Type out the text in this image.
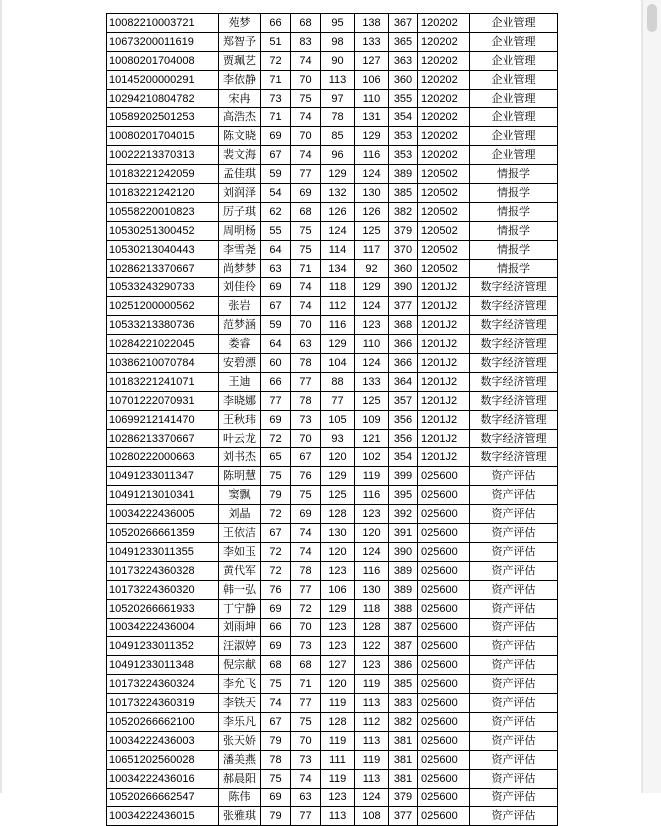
10082210003721	苑梦	66	68	95	138	367	120202	企业管理
10673200011619	郑智予	51	83	98	133	365	120202	企业管理
10080201704008	贾珮艺	72	74	90	127	363	120202	企业管理
10145200000291	李依静	71	70	113	106	360	120202	企业管理
10294210804782	宋冉	73	75	97	110	355	120202	企业管理
10589202501253	高浩杰	71	74	78	131	354	120202	企业管理
10080201704015	陈文晓	69	70	85	129	353	120202	企业管理
10022213370313	裴文海	67	74	96	116	353	120202	企业管理
10183221242059	孟佳琪	59	77	129	124	389	120502	情报学
10183221242120	刘润泽	54	69	132	130	385	120502	情报学
10558220010823	厉子琪	62	68	126	126	382	120502	情报学
10530251300452	周明杨	55	75	124	125	379	120502	情报学
10530213040443	李雪尧	64	75	114	117	370	120502	情报学
10286213370667	尚梦梦	63	71	134	92	360	120502	情报学
10533243290733	刘佳伶	69	74	118	129	390	1201J2	数字经济管理
10251200000562	张岩	67	74	112	124	377	1201J2	数字经济管理
10533213380736	范梦涵	59	70	116	123	368	1201J2	数字经济管理
10284221022045	娄睿	64	63	129	110	366	1201J2	数字经济管理
10386210070784	安碧漂	60	78	104	124	366	1201J2	数字经济管理
10183221241071	王迪	66	77	88	133	364	1201J2	数字经济管理
10701222070931	李晓娜	77	78	77	125	357	1201J2	数字经济管理
10699212141470	王秋玮	69	73	105	109	356	1201J2	数字经济管理
10286213370667	叶云龙	72	70	93	121	356	1201J2	数字经济管理
10280222000663	刘书杰	65	67	120	102	354	1201J2	数字经济管理
10491233011347	陈明慧	75	76	129	119	399	025600	资产评估
10491213010341	窦飘	79	75	125	116	395	025600	资产评估
10034222436005	刘晶	72	69	128	123	392	025600	资产评估
10520266661359	王依洁	67	74	130	120	391	025600	资产评估
10491233011355	李如玉	72	74	120	124	390	025600	资产评估
10173224360328	黄代军	72	78	123	116	389	025600	资产评估
10173224360320	韩一弘	76	77	106	130	389	025600	资产评估
10520266661933	丁宁静	69	72	129	118	388	025600	资产评估
10034222436004	刘雨坤	66	70	123	128	387	025600	资产评估
10491233011352	汪淑婷	69	73	123	122	387	025600	资产评估
10491233011348	倪宗献	68	68	127	123	386	025600	资产评估
10173224360324	李允飞	75	71	120	119	385	025600	资产评估
10173224360319	李铁天	74	77	119	113	383	025600	资产评估
10520266662100	李乐凡	67	75	128	112	382	025600	资产评估
10034222436003	张天娇	79	70	119	113	381	025600	资产评估
10651202560028	潘美燕	78	73	111	119	381	025600	资产评估
10034222436016	郝晨阳	75	74	119	113	381	025600	资产评估
10520266662547	陈伟	69	63	123	124	379	025600	资产评估
10034222436015	张雅琪	79	77	113	108	377	025600	资产评估
